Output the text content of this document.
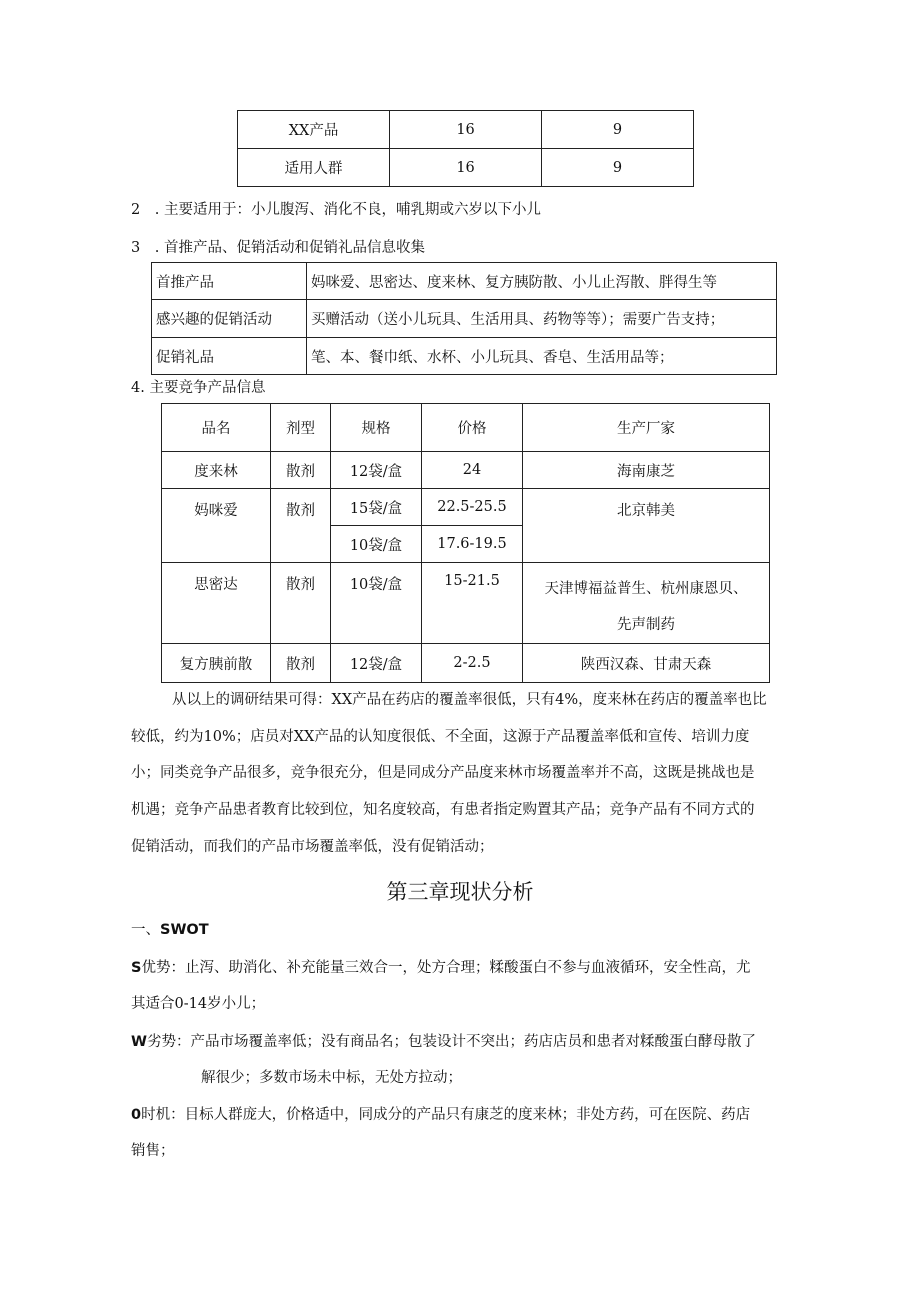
XX产品	16	9
适用人群	16	9
2　. 主要适用于：小儿腹泻、消化不良，哺乳期或六岁以下小儿
3　. 首推产品、促销活动和促销礼品信息收集
首推产品	妈咪爱、思密达、度来林、复方胰防散、小儿止泻散、胖得生等
感兴趣的促销活动	买赠活动（送小儿玩具、生活用具、药物等等）；需要广告支持；
促销礼品	笔、本、餐巾纸、水杯、小儿玩具、香皂、生活用品等；
4. 主要竞争产品信息
品名	剂型	规格	价格	生产厂家
度来林	散剂	12袋/盒	24	海南康芝
妈咪爱	散剂	15袋/盒	22.5-25.5	北京韩美
		10袋/盒	17.6-19.5	
思密达	散剂	10袋/盒	15-21.5	天津博福益普生、杭州康恩贝、
先声制药

复方胰前散	散剂	12袋/盒	2-2.5	陕西汉森、甘肃天森
从以上的调研结果可得：XX产品在药店的覆盖率很低，只有4%，度来林在药店的覆盖率也比
较低，约为10%；店员对XX产品的认知度很低、不全面，这源于产品覆盖率低和宣传、培训力度
小；同类竞争产品很多，竞争很充分，但是同成分产品度来林市场覆盖率并不高，这既是挑战也是
机遇；竞争产品患者教育比较到位，知名度较高，有患者指定购置其产品；竞争产品有不同方式的
促销活动，而我们的产品市场覆盖率低，没有促销活动；
第三章现状分析
一、SWOT
S优势：止泻、助消化、补充能量三效合一，处方合理；糅酸蛋白不参与血液循环，安全性高，尤
其适合0-14岁小儿；
W劣势：产品市场覆盖率低；没有商品名；包装设计不突出；药店店员和患者对糅酸蛋白酵母散了
解很少；多数市场未中标，无处方拉动；
0时机：目标人群庞大，价格适中，同成分的产品只有康芝的度来林；非处方药，可在医院、药店
销售；
